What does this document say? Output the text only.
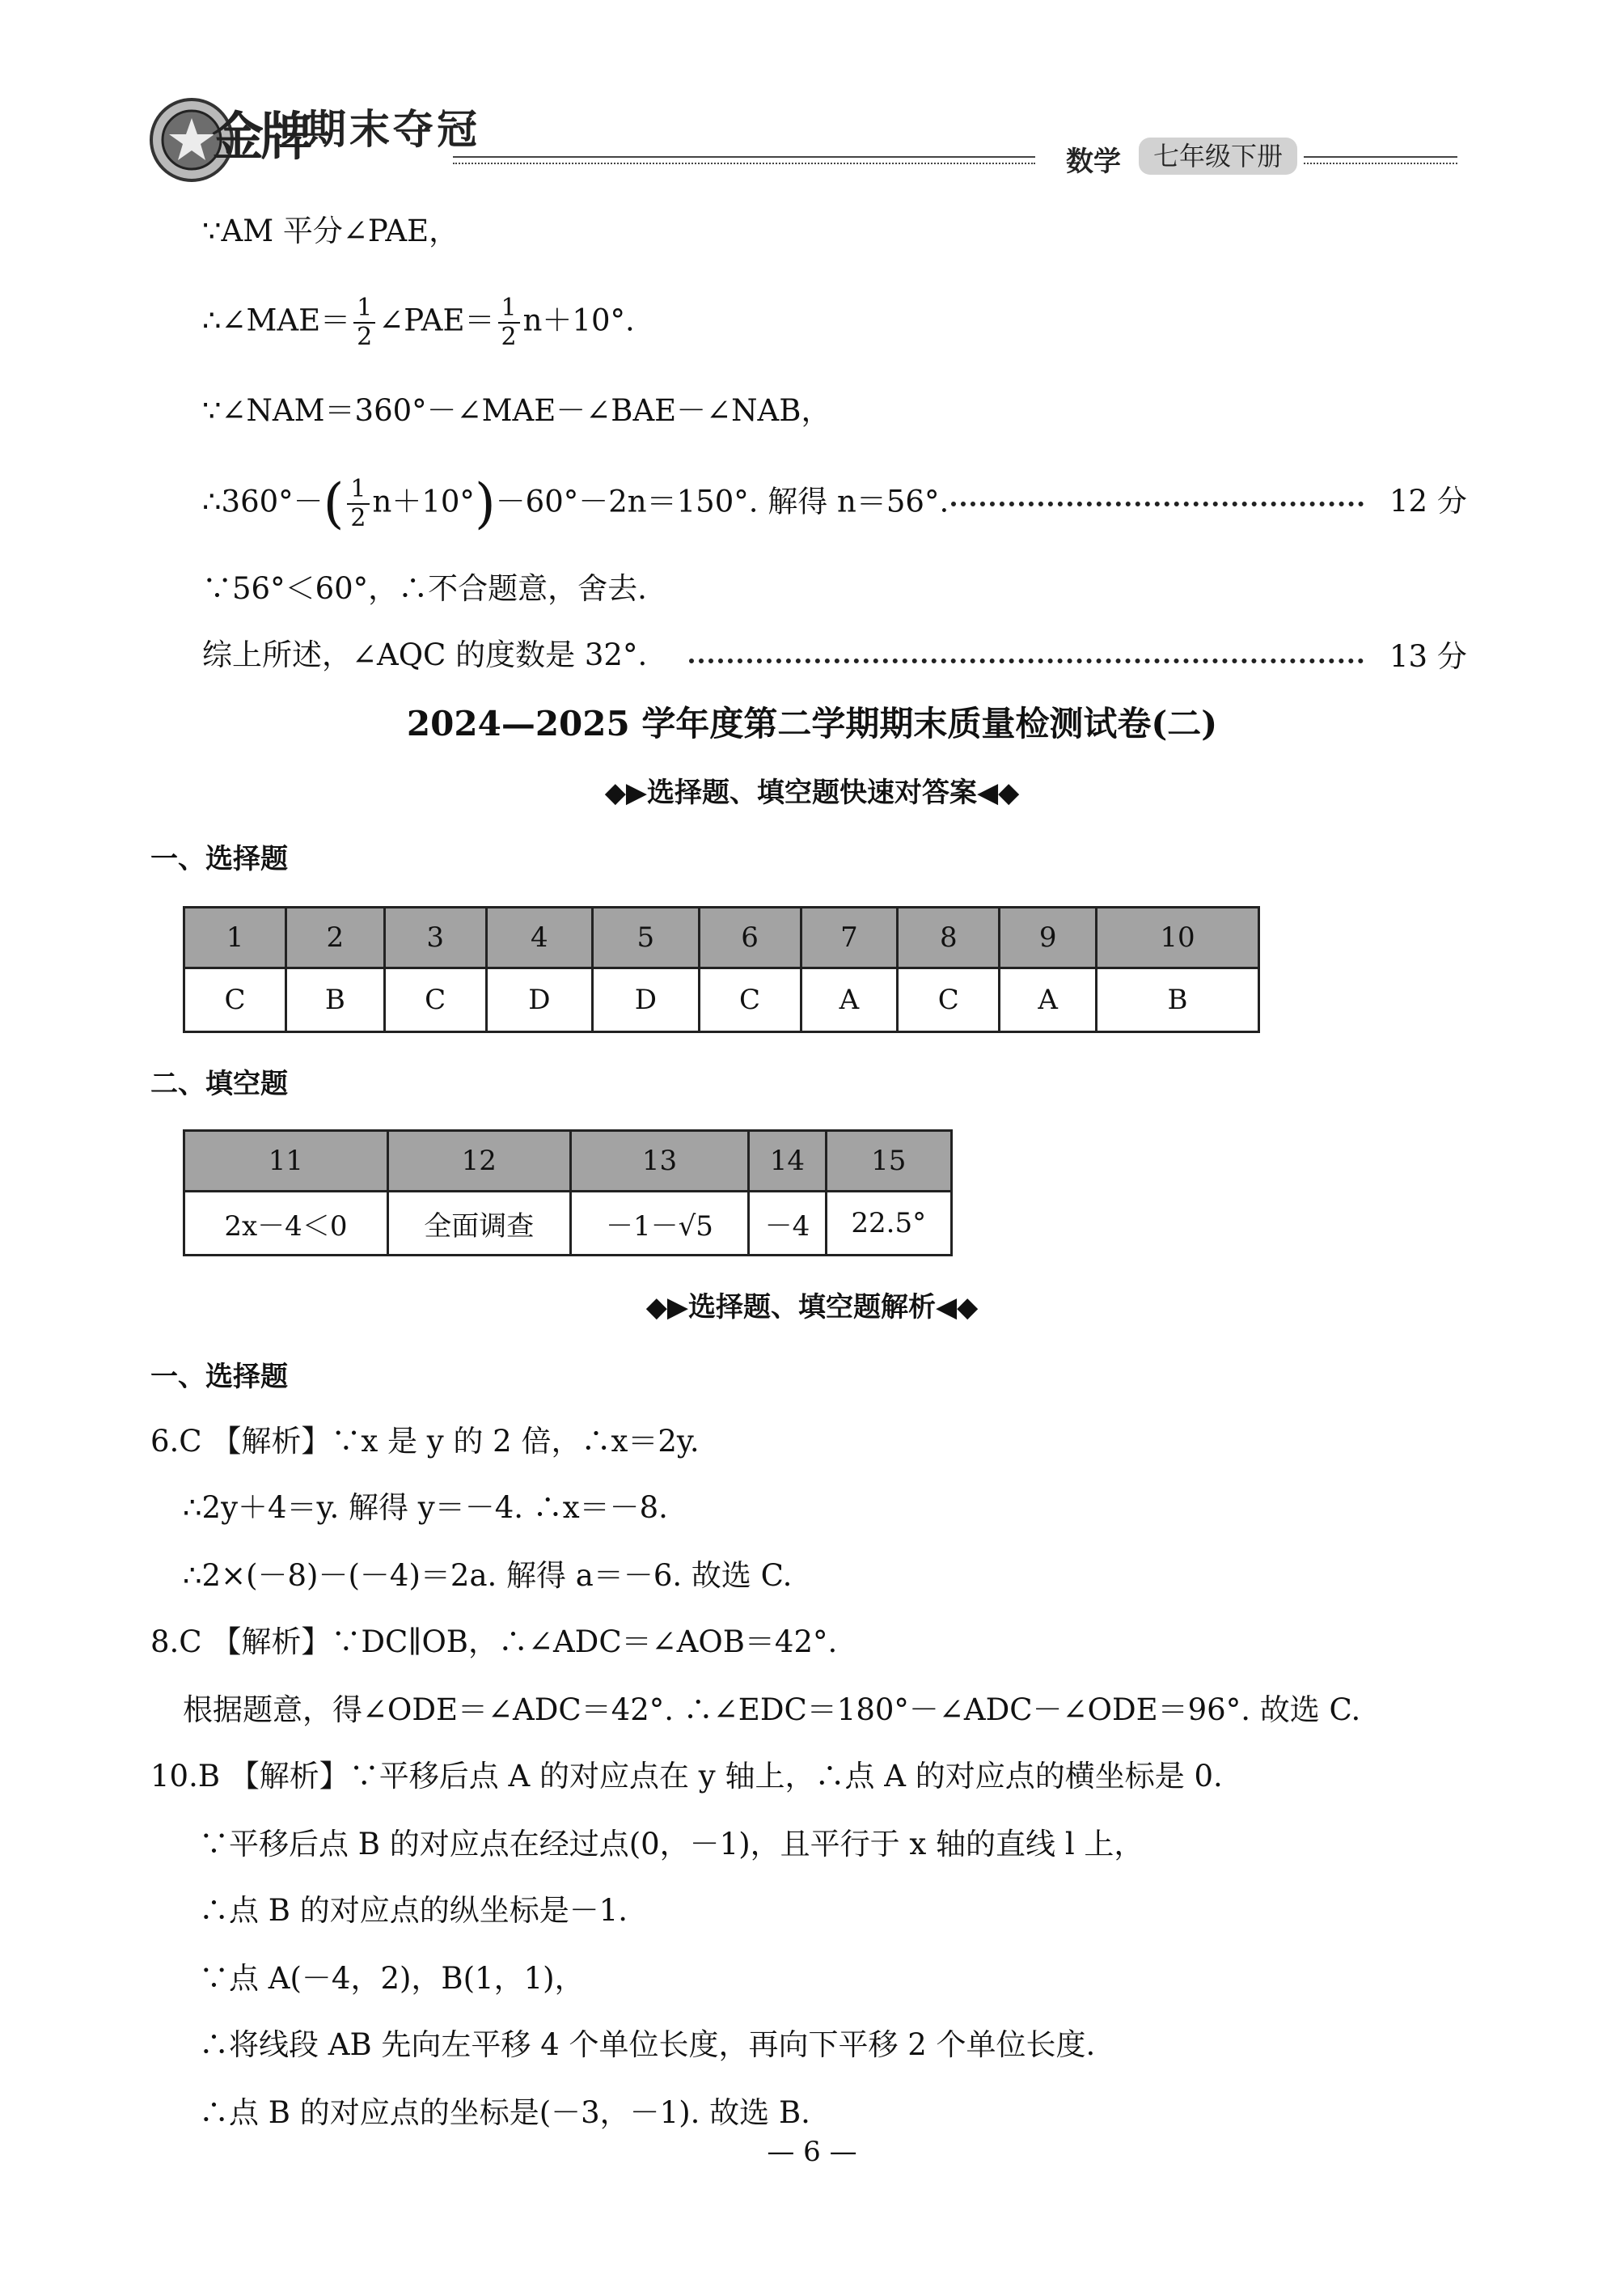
金牌
期末夺冠
数学	七年级下册
∵AM 平分∠PAE，
∴∠MAE＝ $\frac{1}{2}$ ∠PAE＝ $\frac{1}{2} n+10^\circ$.
∵∠NAM＝360°－∠MAE－∠BAE－∠NAB，
∴360°－( $\frac{1}{2} n+10^\circ)-60^\circ-2n=150^\circ$. 解得 n＝56°.	12 分
∵56°＜60°，∴不合题意，舍去.
综上所述，∠AQC 的度数是 32°.	13 分
2024—2025 学年度第二学期期末质量检测试卷(二)
◆▶选择题、填空题快速对答案◀◆
一、选择题
1	2	3	4	5	6	7	8	9	10
C	B	C	D	D	C	A	C	A	B
二、填空题
11	12	13	14	15
2x－4＜0	全面调查	－1－√5	－4	22.5°
◆▶选择题、填空题解析◀◆
一、选择题
6.C 【解析】∵x 是 y 的 2 倍，∴x＝2y.
∴2y＋4＝y. 解得 y＝－4. ∴x＝－8.
∴2×(－8)－(－4)＝2a. 解得 a＝－6. 故选 C.
8.C 【解析】∵DC∥OB，∴∠ADC＝∠AOB＝42°.
根据题意，得∠ODE＝∠ADC＝42°. ∴∠EDC＝180°－∠ADC－∠ODE＝96°. 故选 C.
10.B 【解析】∵平移后点 A 的对应点在 y 轴上，∴点 A 的对应点的横坐标是 0.
∵平移后点 B 的对应点在经过点(0，－1)，且平行于 x 轴的直线 l 上，
∴点 B 的对应点的纵坐标是－1.
∵点 A(－4，2)，B(1，1)，
∴将线段 AB 先向左平移 4 个单位长度，再向下平移 2 个单位长度.
∴点 B 的对应点的坐标是(－3，－1). 故选 B.
— 6 —
